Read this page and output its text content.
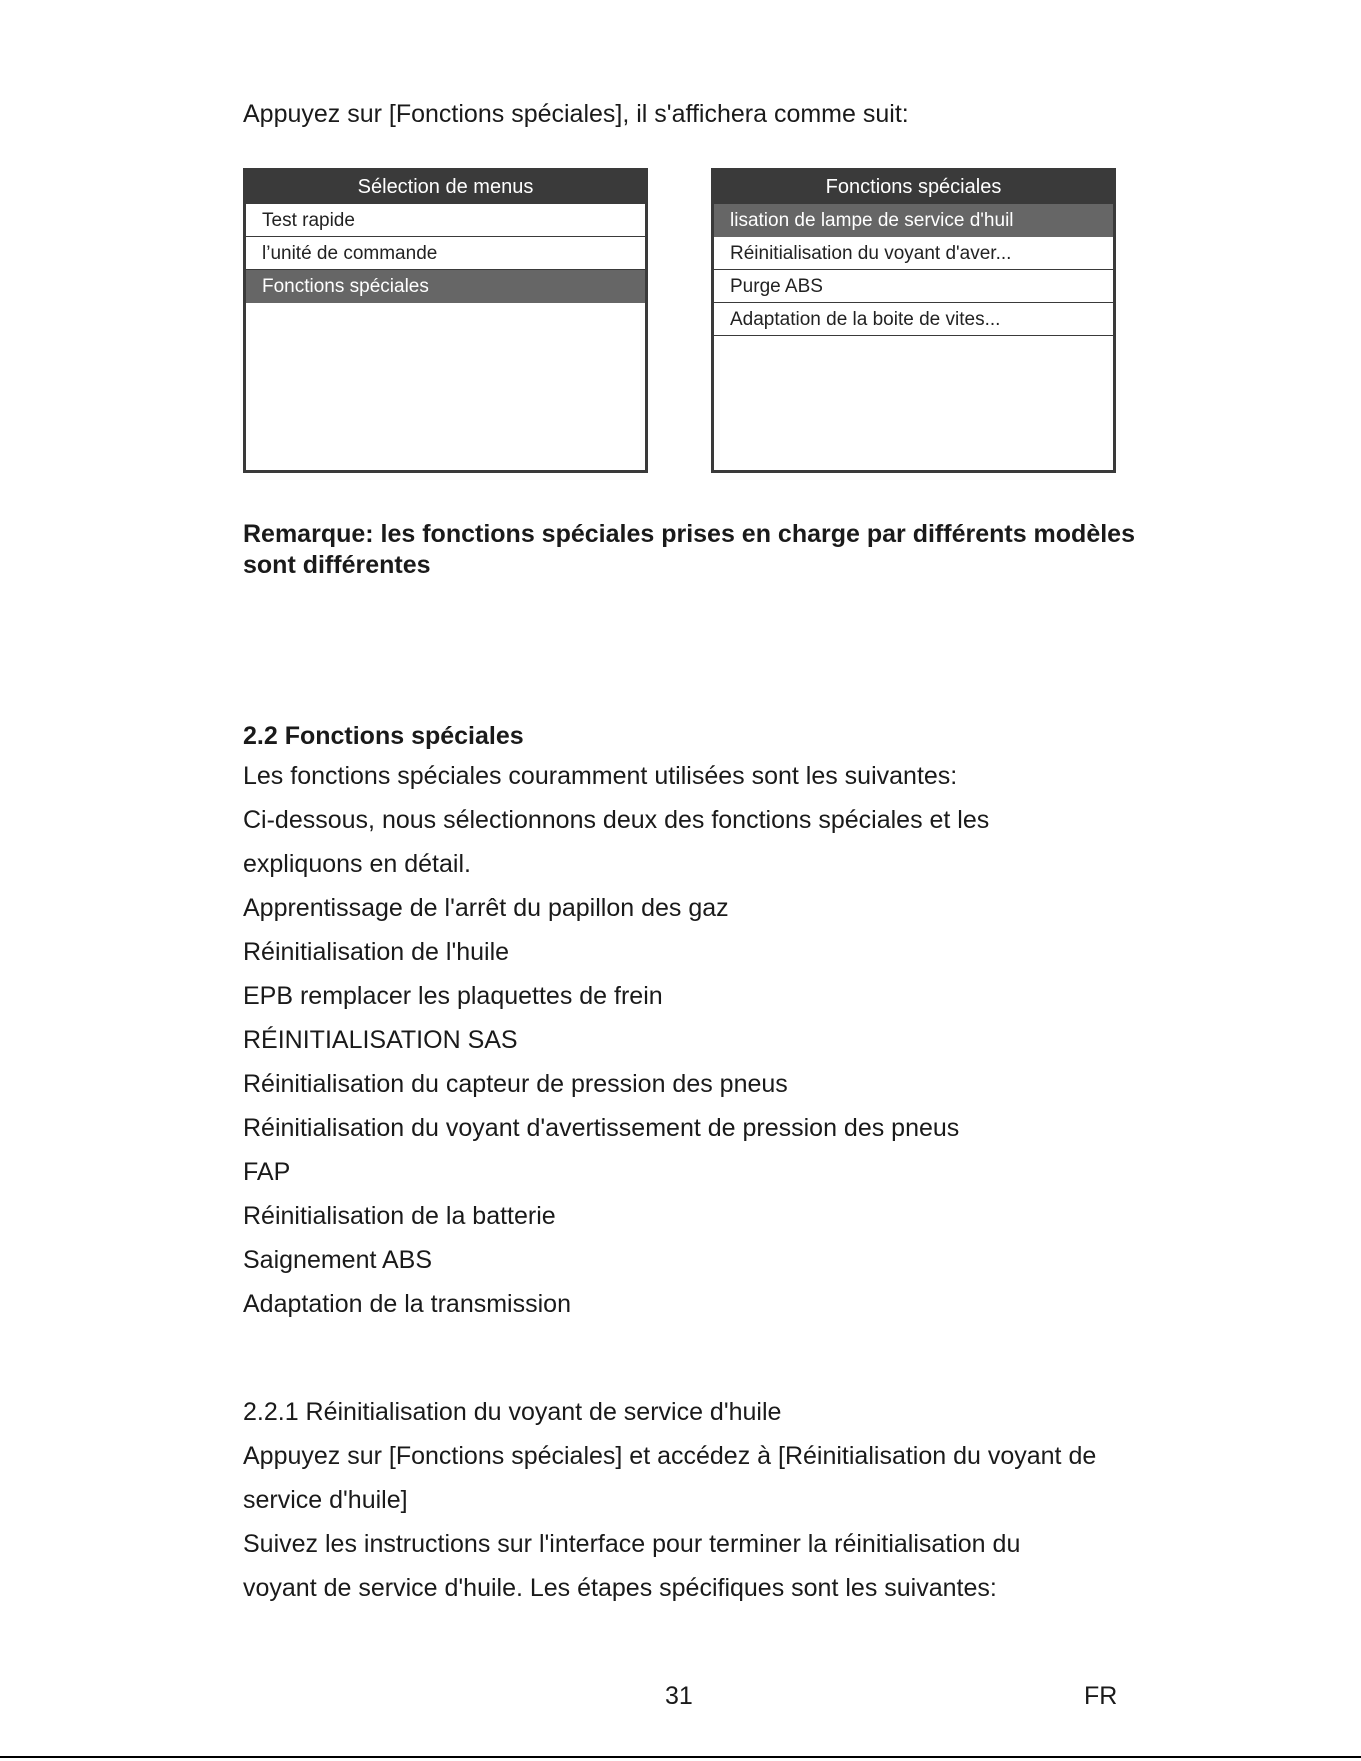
Appuyez sur [Fonctions spéciales], il s'affichera comme suit:
Sélection de menus
Test rapide
l’unité de commande
Fonctions spéciales
3/3
Fonctions spéciales
lisation de lampe de service d'huil
Réinitialisation du voyant d'aver...
Purge ABS
Adaptation de la boite de vites...
1/4
Remarque: les fonctions spéciales prises en charge par différents modèles sont différentes
2.2 Fonctions spéciales
Les fonctions spéciales couramment utilisées sont les suivantes:
Ci-dessous, nous sélectionnons deux des fonctions spéciales et les
expliquons en détail.
Apprentissage de l'arrêt du papillon des gaz
Réinitialisation de l'huile
EPB remplacer les plaquettes de frein
RÉINITIALISATION SAS
Réinitialisation du capteur de pression des pneus
Réinitialisation du voyant d'avertissement de pression des pneus
FAP
Réinitialisation de la batterie
Saignement ABS
Adaptation de la transmission
2.2.1 Réinitialisation du voyant de service d'huile
Appuyez sur [Fonctions spéciales] et accédez à [Réinitialisation du voyant de
service d'huile]
Suivez les instructions sur l'interface pour terminer la réinitialisation du
voyant de service d'huile. Les étapes spécifiques sont les suivantes:
31	FR
